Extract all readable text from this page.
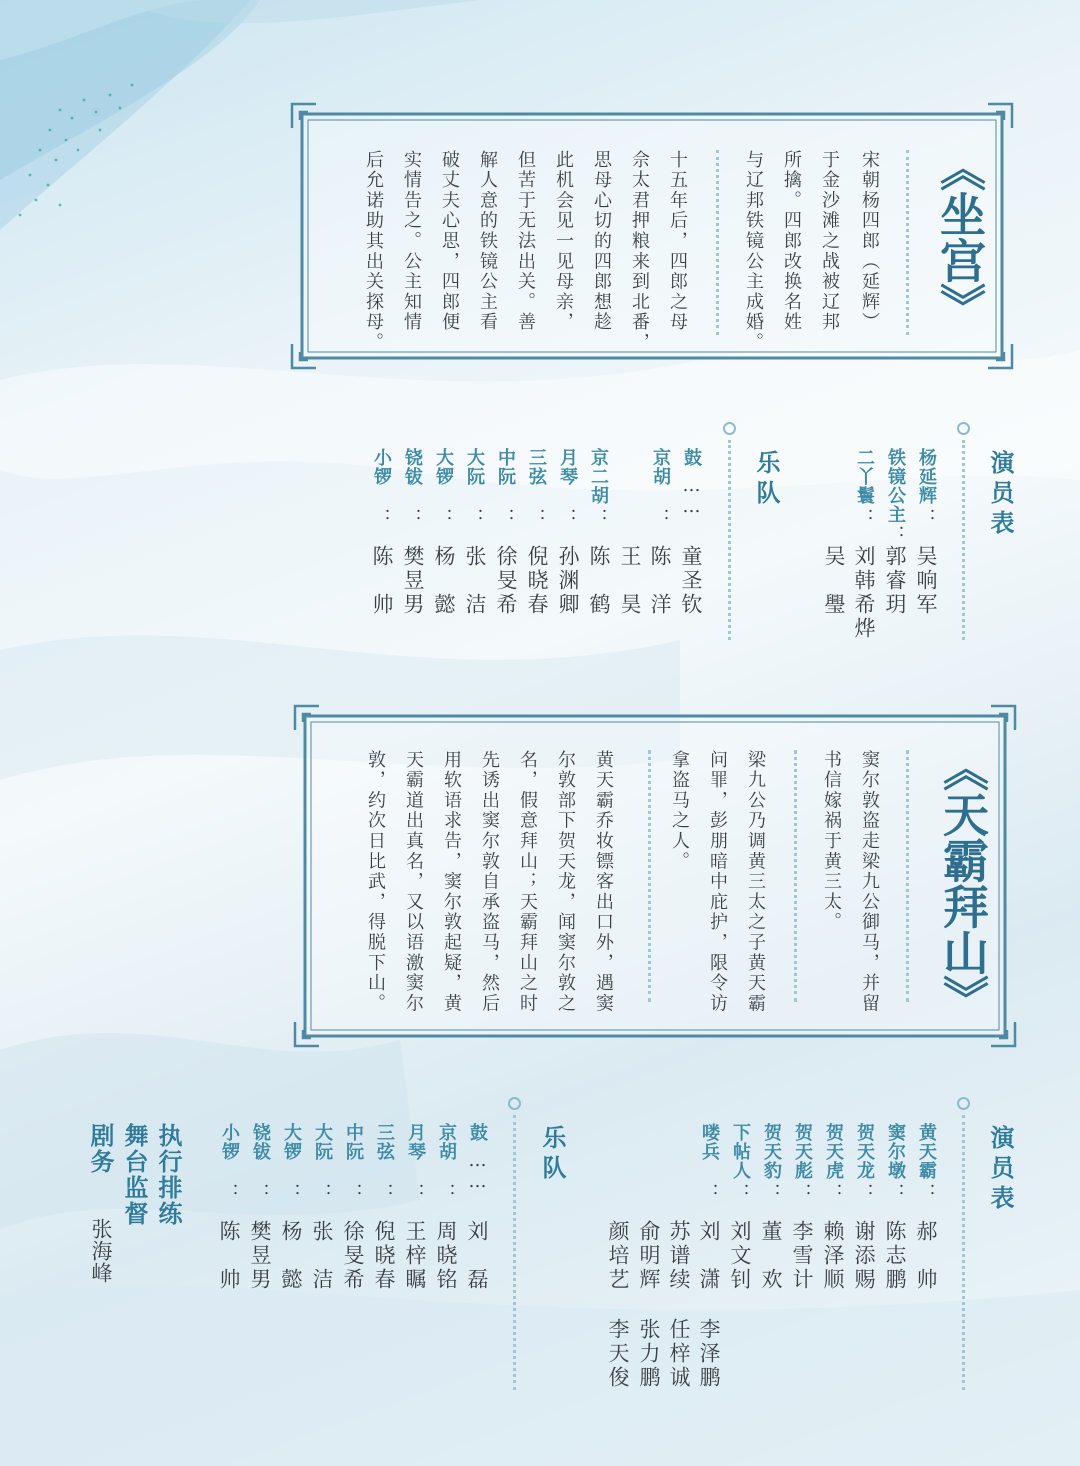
《坐宫》
宋朝杨四郎（延辉）
于金沙滩之战被辽邦
所擒。四郎改换名姓
与辽邦铁镜公主成婚。
十五年后，四郎之母
佘太君押粮来到北番，
思母心切的四郎想趁
此机会见一见母亲，
但苦于无法出关。善
解人意的铁镜公主看
破丈夫心思，四郎便
实情告之。公主知情
后允诺助其出关探母。
演员表
杨延辉
：
吴响军
铁镜公主
：
郭睿玥
二丫鬟
：
刘韩希烨
吴　璺
乐队
鼓
……
童圣钦
京胡
：
陈　洋
王　昊
京二胡
：
陈　鹤
月琴
：
孙渊卿
三弦
：
倪晓春
中阮
：
徐旻希
大阮
：
张　洁
大锣
：
杨　懿
铙钹
：
樊昱男
小锣
：
陈　帅
《天霸拜山》
窦尔敦盗走梁九公御马，并留
书信嫁祸于黄三太。
梁九公乃调黄三太之子黄天霸
问罪，彭朋暗中庇护，限令访
拿盗马之人。
黄天霸乔妆镖客出口外，遇窦
尔敦部下贺天龙，闻窦尔敦之
名，假意拜山；天霸拜山之时
先诱出窦尔敦自承盗马，然后
用软语求告，窦尔敦起疑，黄
天霸道出真名，又以语激窦尔
敦，约次日比武，得脱下山。
演员表
黄天霸
：
郝　帅
窦尔墩
：
陈志鹏
贺天龙
：
谢添赐
贺天虎
：
赖泽顺
贺天彪
：
李雪计
贺天豹
：
董　欢
下帖人
：
刘文钊
喽兵
：
刘　潇
李泽鹏
苏谱续
任梓诚
俞明辉
张力鹏
颜培艺
李天俊
乐队
鼓
……
刘　磊
京胡
：
周晓铭
月琴
：
王梓瞩
三弦
：
倪晓春
中阮
：
徐旻希
大阮
：
张　洁
大锣
：
杨　懿
铙钹
：
樊昱男
小锣
：
陈　帅
执行排练
舞台监督
剧务
张海峰
